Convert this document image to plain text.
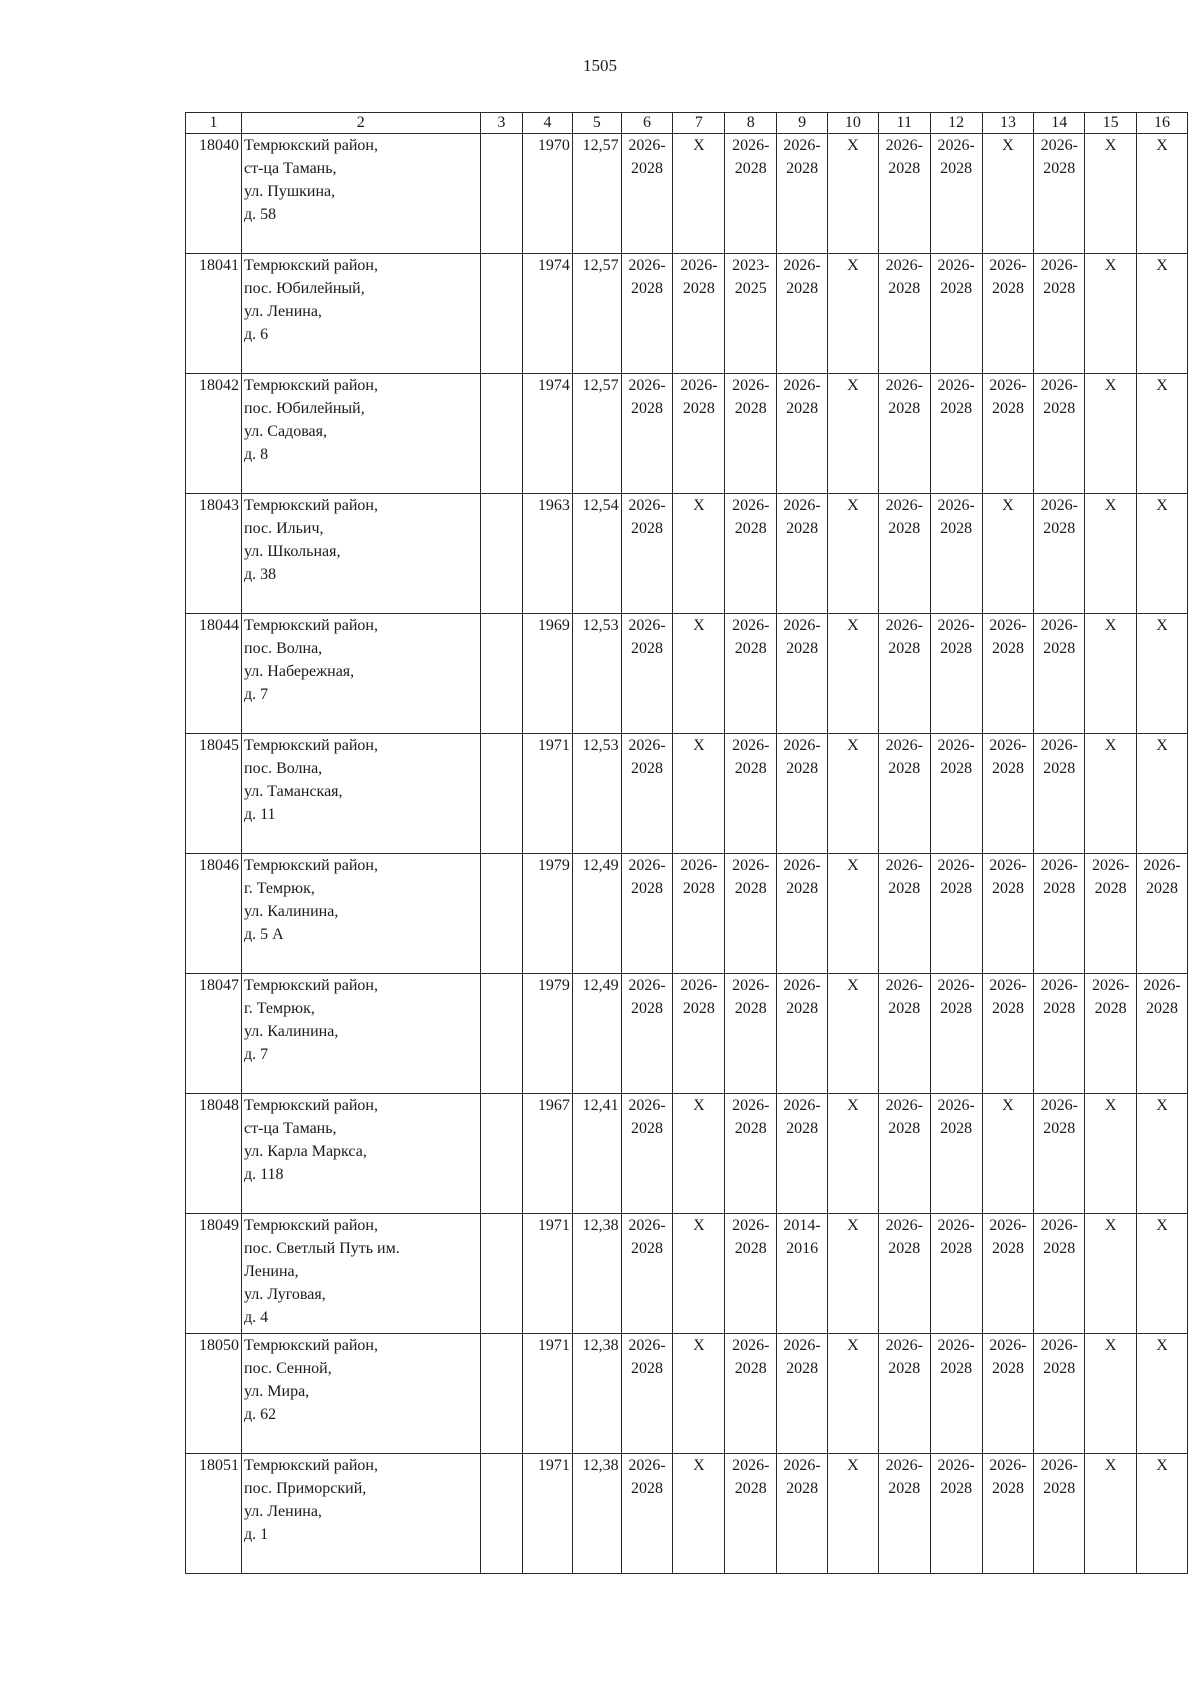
1505
1	2	3	4	5	6	7	8	9	10	11	12	13	14	15	16
18040	Темрюкский район,
ст-ца Тамань,
ул. Пушкина,
д. 58		1970	12,57	2026-
2028	X	2026-
2028	2026-
2028	X	2026-
2028	2026-
2028	X	2026-
2028	X	X

18041	Темрюкский район,
пос. Юбилейный,
ул. Ленина,
д. 6		1974	12,57	2026-
2028	2026-
2028	2023-
2025	2026-
2028	X	2026-
2028	2026-
2028	2026-
2028	2026-
2028	X	X

18042	Темрюкский район,
пос. Юбилейный,
ул. Садовая,
д. 8		1974	12,57	2026-
2028	2026-
2028	2026-
2028	2026-
2028	X	2026-
2028	2026-
2028	2026-
2028	2026-
2028	X	X

18043	Темрюкский район,
пос. Ильич,
ул. Школьная,
д. 38		1963	12,54	2026-
2028	X	2026-
2028	2026-
2028	X	2026-
2028	2026-
2028	X	2026-
2028	X	X

18044	Темрюкский район,
пос. Волна,
ул. Набережная,
д. 7		1969	12,53	2026-
2028	X	2026-
2028	2026-
2028	X	2026-
2028	2026-
2028	2026-
2028	2026-
2028	X	X

18045	Темрюкский район,
пос. Волна,
ул. Таманская,
д. 11		1971	12,53	2026-
2028	X	2026-
2028	2026-
2028	X	2026-
2028	2026-
2028	2026-
2028	2026-
2028	X	X

18046	Темрюкский район,
г. Темрюк,
ул. Калинина,
д. 5 А		1979	12,49	2026-
2028	2026-
2028	2026-
2028	2026-
2028	X	2026-
2028	2026-
2028	2026-
2028	2026-
2028	2026-
2028	2026-
2028

18047	Темрюкский район,
г. Темрюк,
ул. Калинина,
д. 7		1979	12,49	2026-
2028	2026-
2028	2026-
2028	2026-
2028	X	2026-
2028	2026-
2028	2026-
2028	2026-
2028	2026-
2028	2026-
2028

18048	Темрюкский район,
ст-ца Тамань,
ул. Карла Маркса,
д. 118		1967	12,41	2026-
2028	X	2026-
2028	2026-
2028	X	2026-
2028	2026-
2028	X	2026-
2028	X	X

18049	Темрюкский район,
пос. Светлый Путь им.
Ленина,
ул. Луговая,
д. 4		1971	12,38	2026-
2028	X	2026-
2028	2014-
2016	X	2026-
2028	2026-
2028	2026-
2028	2026-
2028	X	X

18050	Темрюкский район,
пос. Сенной,
ул. Мира,
д. 62		1971	12,38	2026-
2028	X	2026-
2028	2026-
2028	X	2026-
2028	2026-
2028	2026-
2028	2026-
2028	X	X

18051	Темрюкский район,
пос. Приморский,
ул. Ленина,
д. 1		1971	12,38	2026-
2028	X	2026-
2028	2026-
2028	X	2026-
2028	2026-
2028	2026-
2028	2026-
2028	X	X
